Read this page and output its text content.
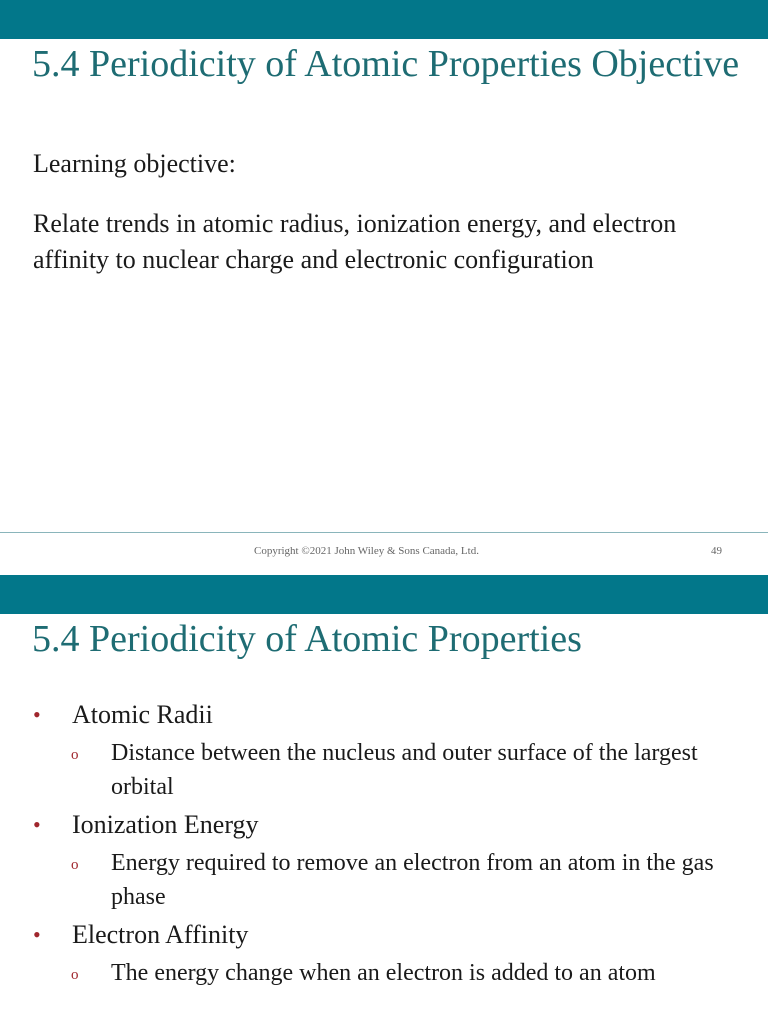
5.4 Periodicity of Atomic Properties Objective

Learning objective:

Relate trends in atomic radius, ionization energy, and electron affinity to nuclear charge and electronic configuration

Copyright ©2021 John Wiley & Sons Canada, Ltd.	49
5.4 Periodicity of Atomic Properties
• Atomic Radii
o Distance between the nucleus and outer surface of the largest orbital
• Ionization Energy
o Energy required to remove an electron from an atom in the gas phase
• Electron Affinity
o The energy change when an electron is added to an atom
